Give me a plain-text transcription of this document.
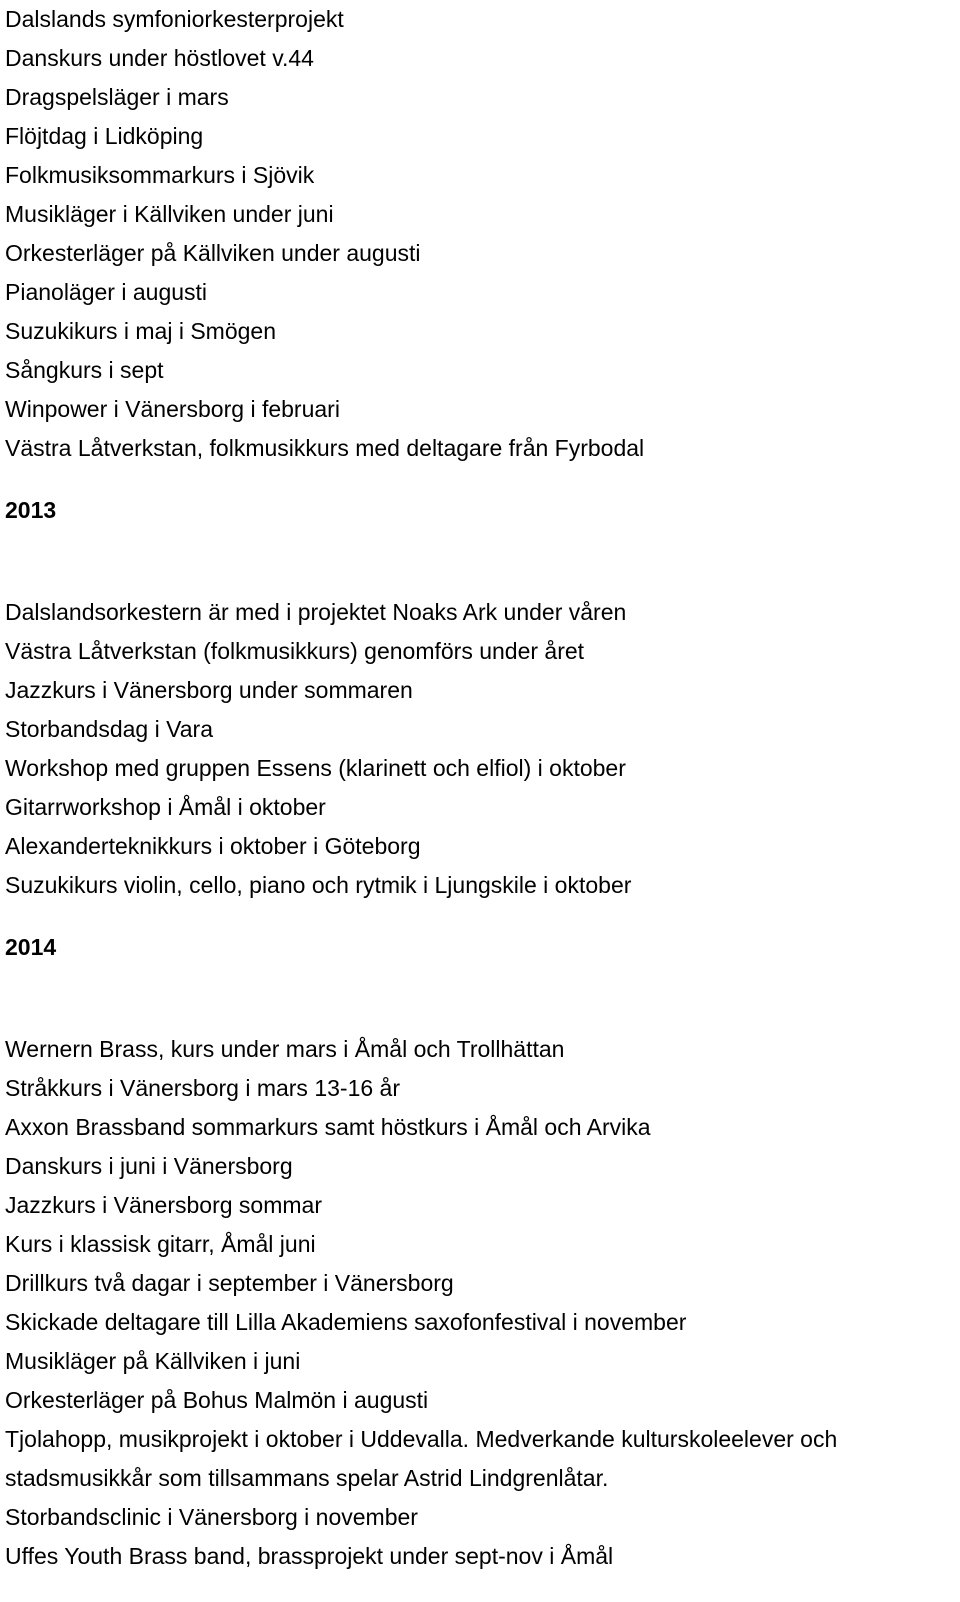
Dalslands symfoniorkesterprojekt
Danskurs under höstlovet v.44
Dragspelsläger i mars
Flöjtdag i Lidköping
Folkmusiksommarkurs i Sjövik
Musikläger i Källviken under juni
Orkesterläger på Källviken under augusti
Pianoläger i augusti
Suzukikurs i maj i Smögen
Sångkurs i sept
Winpower i Vänersborg i februari
Västra Låtverkstan, folkmusikkurs med deltagare från Fyrbodal
2013
Dalslandsorkestern är med i projektet Noaks Ark under våren
Västra Låtverkstan (folkmusikkurs) genomförs under året
Jazzkurs i Vänersborg under sommaren
Storbandsdag i Vara
Workshop med gruppen Essens (klarinett och elfiol) i oktober
Gitarrworkshop i Åmål i oktober
Alexanderteknikkurs i oktober i Göteborg
Suzukikurs violin, cello, piano och rytmik i Ljungskile i oktober
2014
Wernern Brass, kurs under mars i Åmål och Trollhättan
Stråkkurs i Vänersborg i mars 13-16 år
Axxon Brassband sommarkurs samt höstkurs i Åmål och Arvika
Danskurs i juni i Vänersborg
Jazzkurs i Vänersborg sommar
Kurs i klassisk gitarr, Åmål juni
Drillkurs två dagar i september i Vänersborg
Skickade deltagare till Lilla Akademiens saxofonfestival i november
Musikläger på Källviken i juni
Orkesterläger på Bohus Malmön i augusti
Tjolahopp, musikprojekt i oktober i Uddevalla. Medverkande kulturskoleelever och stadsmusikkår som tillsammans spelar Astrid Lindgrenlåtar.
Storbandsclinic i Vänersborg i november
Uffes Youth Brass band, brassprojekt under sept-nov i Åmål
